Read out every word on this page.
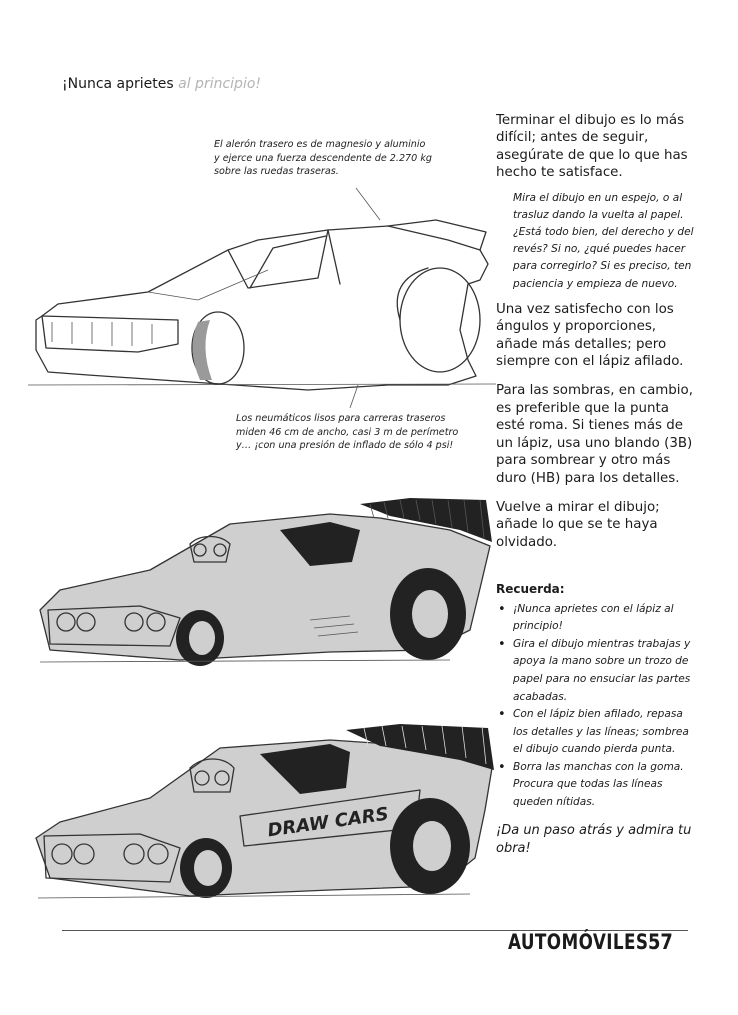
¡Nunca aprietes al principio!
El alerón trasero es de magnesio y aluminio
y ejerce una fuerza descendente de 2.270 kg
sobre las ruedas traseras.
Los neumáticos lisos para carreras traseros
miden 46 cm de ancho, casi 3 m de perímetro
y… ¡con una presión de inflado de sólo 4 psi!
DRAW CARS

Terminar el dibujo es lo más difícil; antes de seguir, asegúrate de que lo que has hecho te satisface.

Mira el dibujo en un espejo, o al trasluz dando la vuelta al papel. ¿Está todo bien, del derecho y del revés? Si no, ¿qué puedes hacer para corregirlo? Si es preciso, ten paciencia y empieza de nuevo.

Una vez satisfecho con los ángulos y proporciones, añade más detalles; pero siempre con el lápiz afilado.

Para las sombras, en cambio, es preferible que la punta esté roma. Si tienes más de un lápiz, usa uno blando (3B) para sombrear y otro más duro (HB) para los detalles.

Vuelve a mirar el dibujo; añade lo que se te haya olvidado.

Recuerda:
• ¡Nunca aprietes con el lápiz al principio!
• Gira el dibujo mientras trabajas y apoya la mano sobre un trozo de papel para no ensuciar las partes acabadas.
• Con el lápiz bien afilado, repasa los detalles y las líneas; sombrea el dibujo cuando pierda punta.
• Borra las manchas con la goma. Procura que todas las líneas queden nítidas.

¡Da un paso atrás y admira tu obra!

AUTOMÓVILES 57
